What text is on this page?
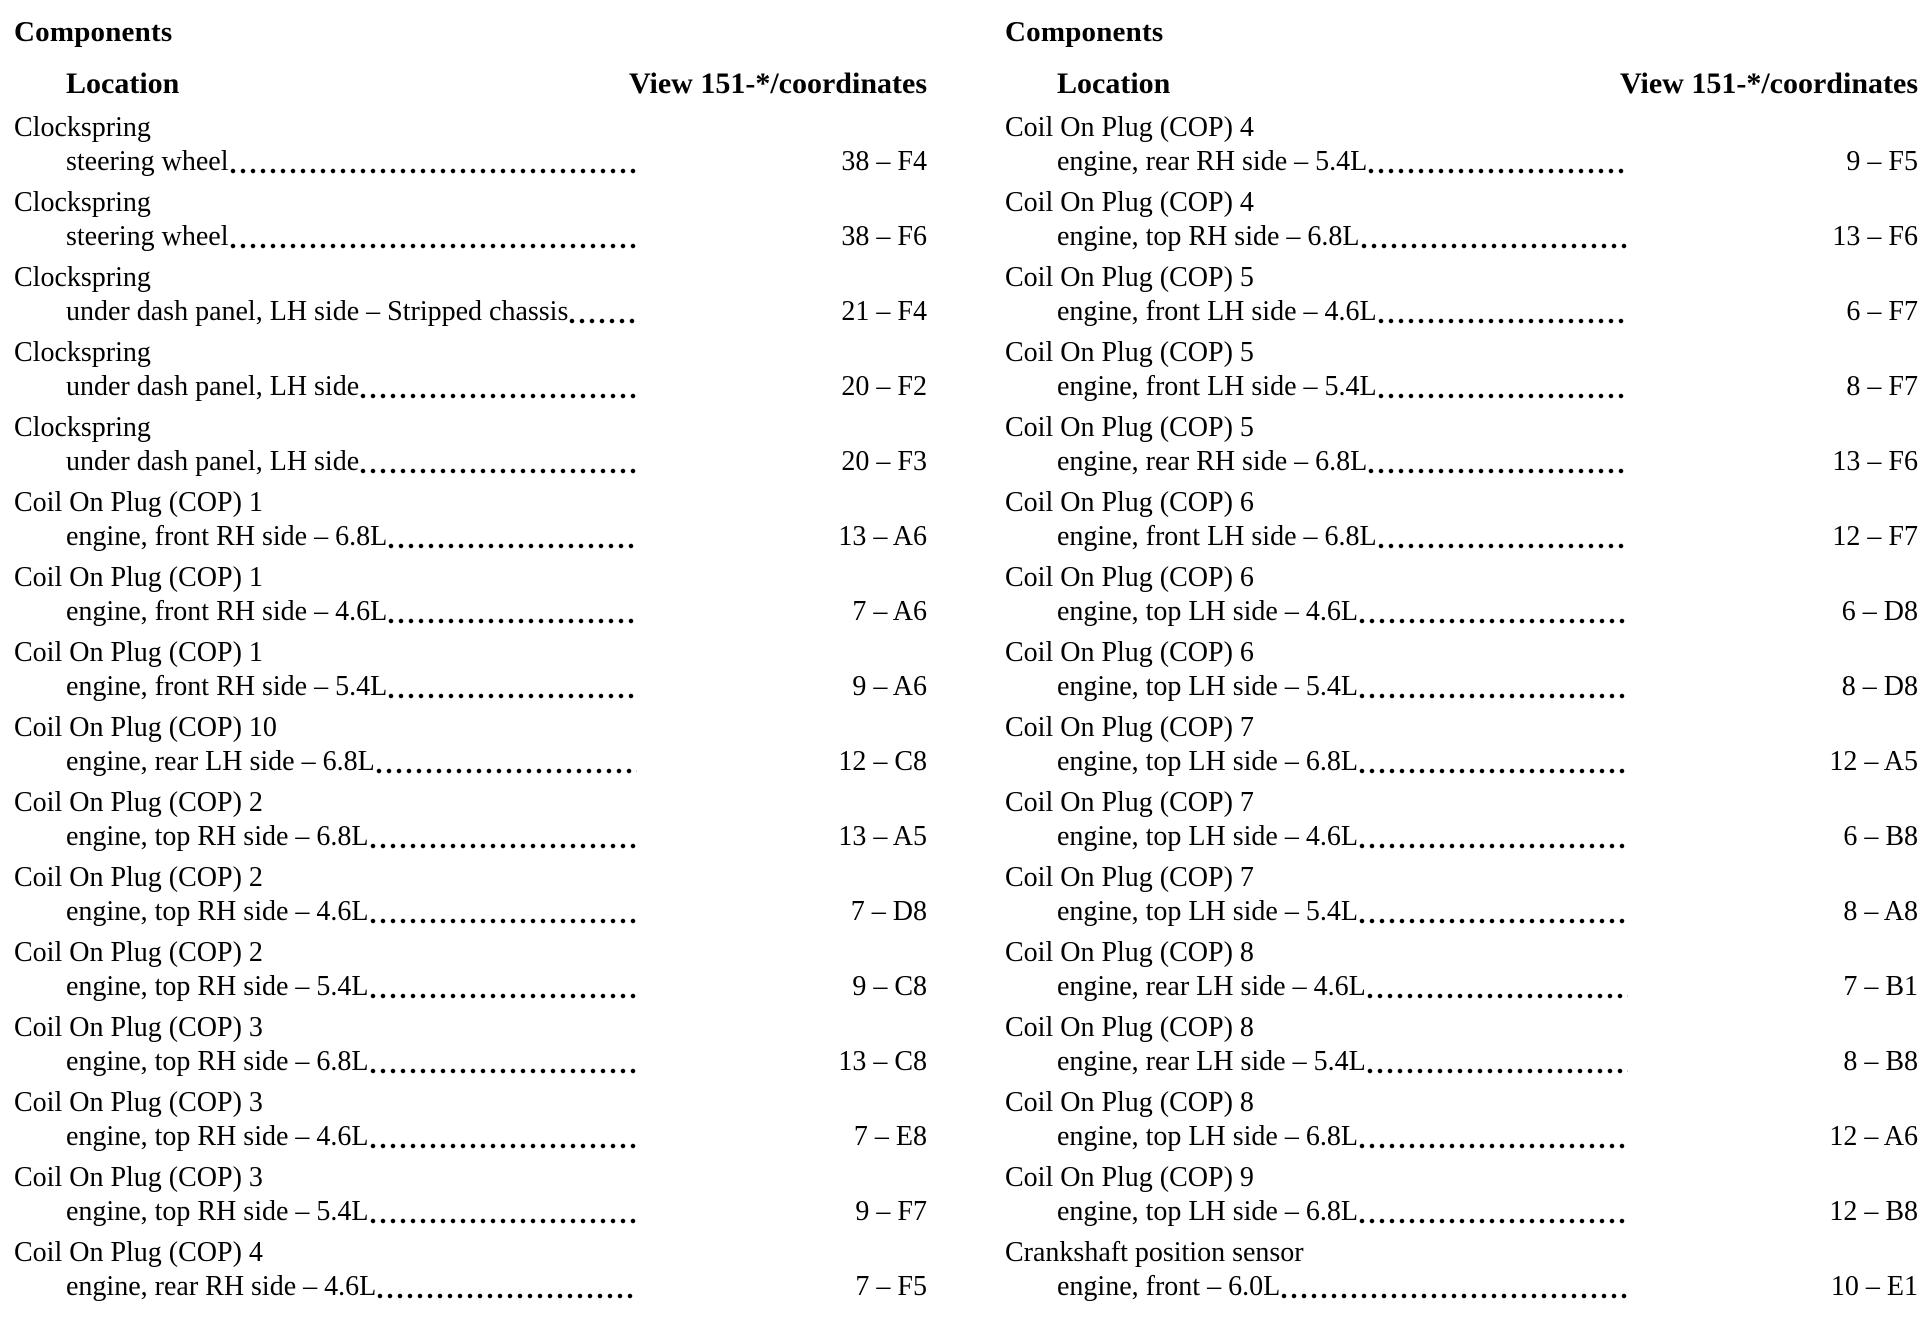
Components
Location	View 151-*/coordinates
Clockspring
steering wheel	38 – F4
Clockspring
steering wheel	38 – F6
Clockspring
under dash panel, LH side – Stripped chassis	21 – F4
Clockspring
under dash panel, LH side	20 – F2
Clockspring
under dash panel, LH side	20 – F3
Coil On Plug (COP) 1
engine, front RH side – 6.8L	13 – A6
Coil On Plug (COP) 1
engine, front RH side – 4.6L	7 – A6
Coil On Plug (COP) 1
engine, front RH side – 5.4L	9 – A6
Coil On Plug (COP) 10
engine, rear LH side – 6.8L	12 – C8
Coil On Plug (COP) 2
engine, top RH side – 6.8L	13 – A5
Coil On Plug (COP) 2
engine, top RH side – 4.6L	7 – D8
Coil On Plug (COP) 2
engine, top RH side – 5.4L	9 – C8
Coil On Plug (COP) 3
engine, top RH side – 6.8L	13 – C8
Coil On Plug (COP) 3
engine, top RH side – 4.6L	7 – E8
Coil On Plug (COP) 3
engine, top RH side – 5.4L	9 – F7
Coil On Plug (COP) 4
engine, rear RH side – 4.6L	7 – F5
Components
Location	View 151-*/coordinates
Coil On Plug (COP) 4
engine, rear RH side – 5.4L	9 – F5
Coil On Plug (COP) 4
engine, top RH side – 6.8L	13 – F6
Coil On Plug (COP) 5
engine, front LH side – 4.6L	6 – F7
Coil On Plug (COP) 5
engine, front LH side – 5.4L	8 – F7
Coil On Plug (COP) 5
engine, rear RH side – 6.8L	13 – F6
Coil On Plug (COP) 6
engine, front LH side – 6.8L	12 – F7
Coil On Plug (COP) 6
engine, top LH side – 4.6L	6 – D8
Coil On Plug (COP) 6
engine, top LH side – 5.4L	8 – D8
Coil On Plug (COP) 7
engine, top LH side – 6.8L	12 – A5
Coil On Plug (COP) 7
engine, top LH side – 4.6L	6 – B8
Coil On Plug (COP) 7
engine, top LH side – 5.4L	8 – A8
Coil On Plug (COP) 8
engine, rear LH side – 4.6L	7 – B1
Coil On Plug (COP) 8
engine, rear LH side – 5.4L	8 – B8
Coil On Plug (COP) 8
engine, top LH side – 6.8L	12 – A6
Coil On Plug (COP) 9
engine, top LH side – 6.8L	12 – B8
Crankshaft position sensor
engine, front – 6.0L	10 – E1
